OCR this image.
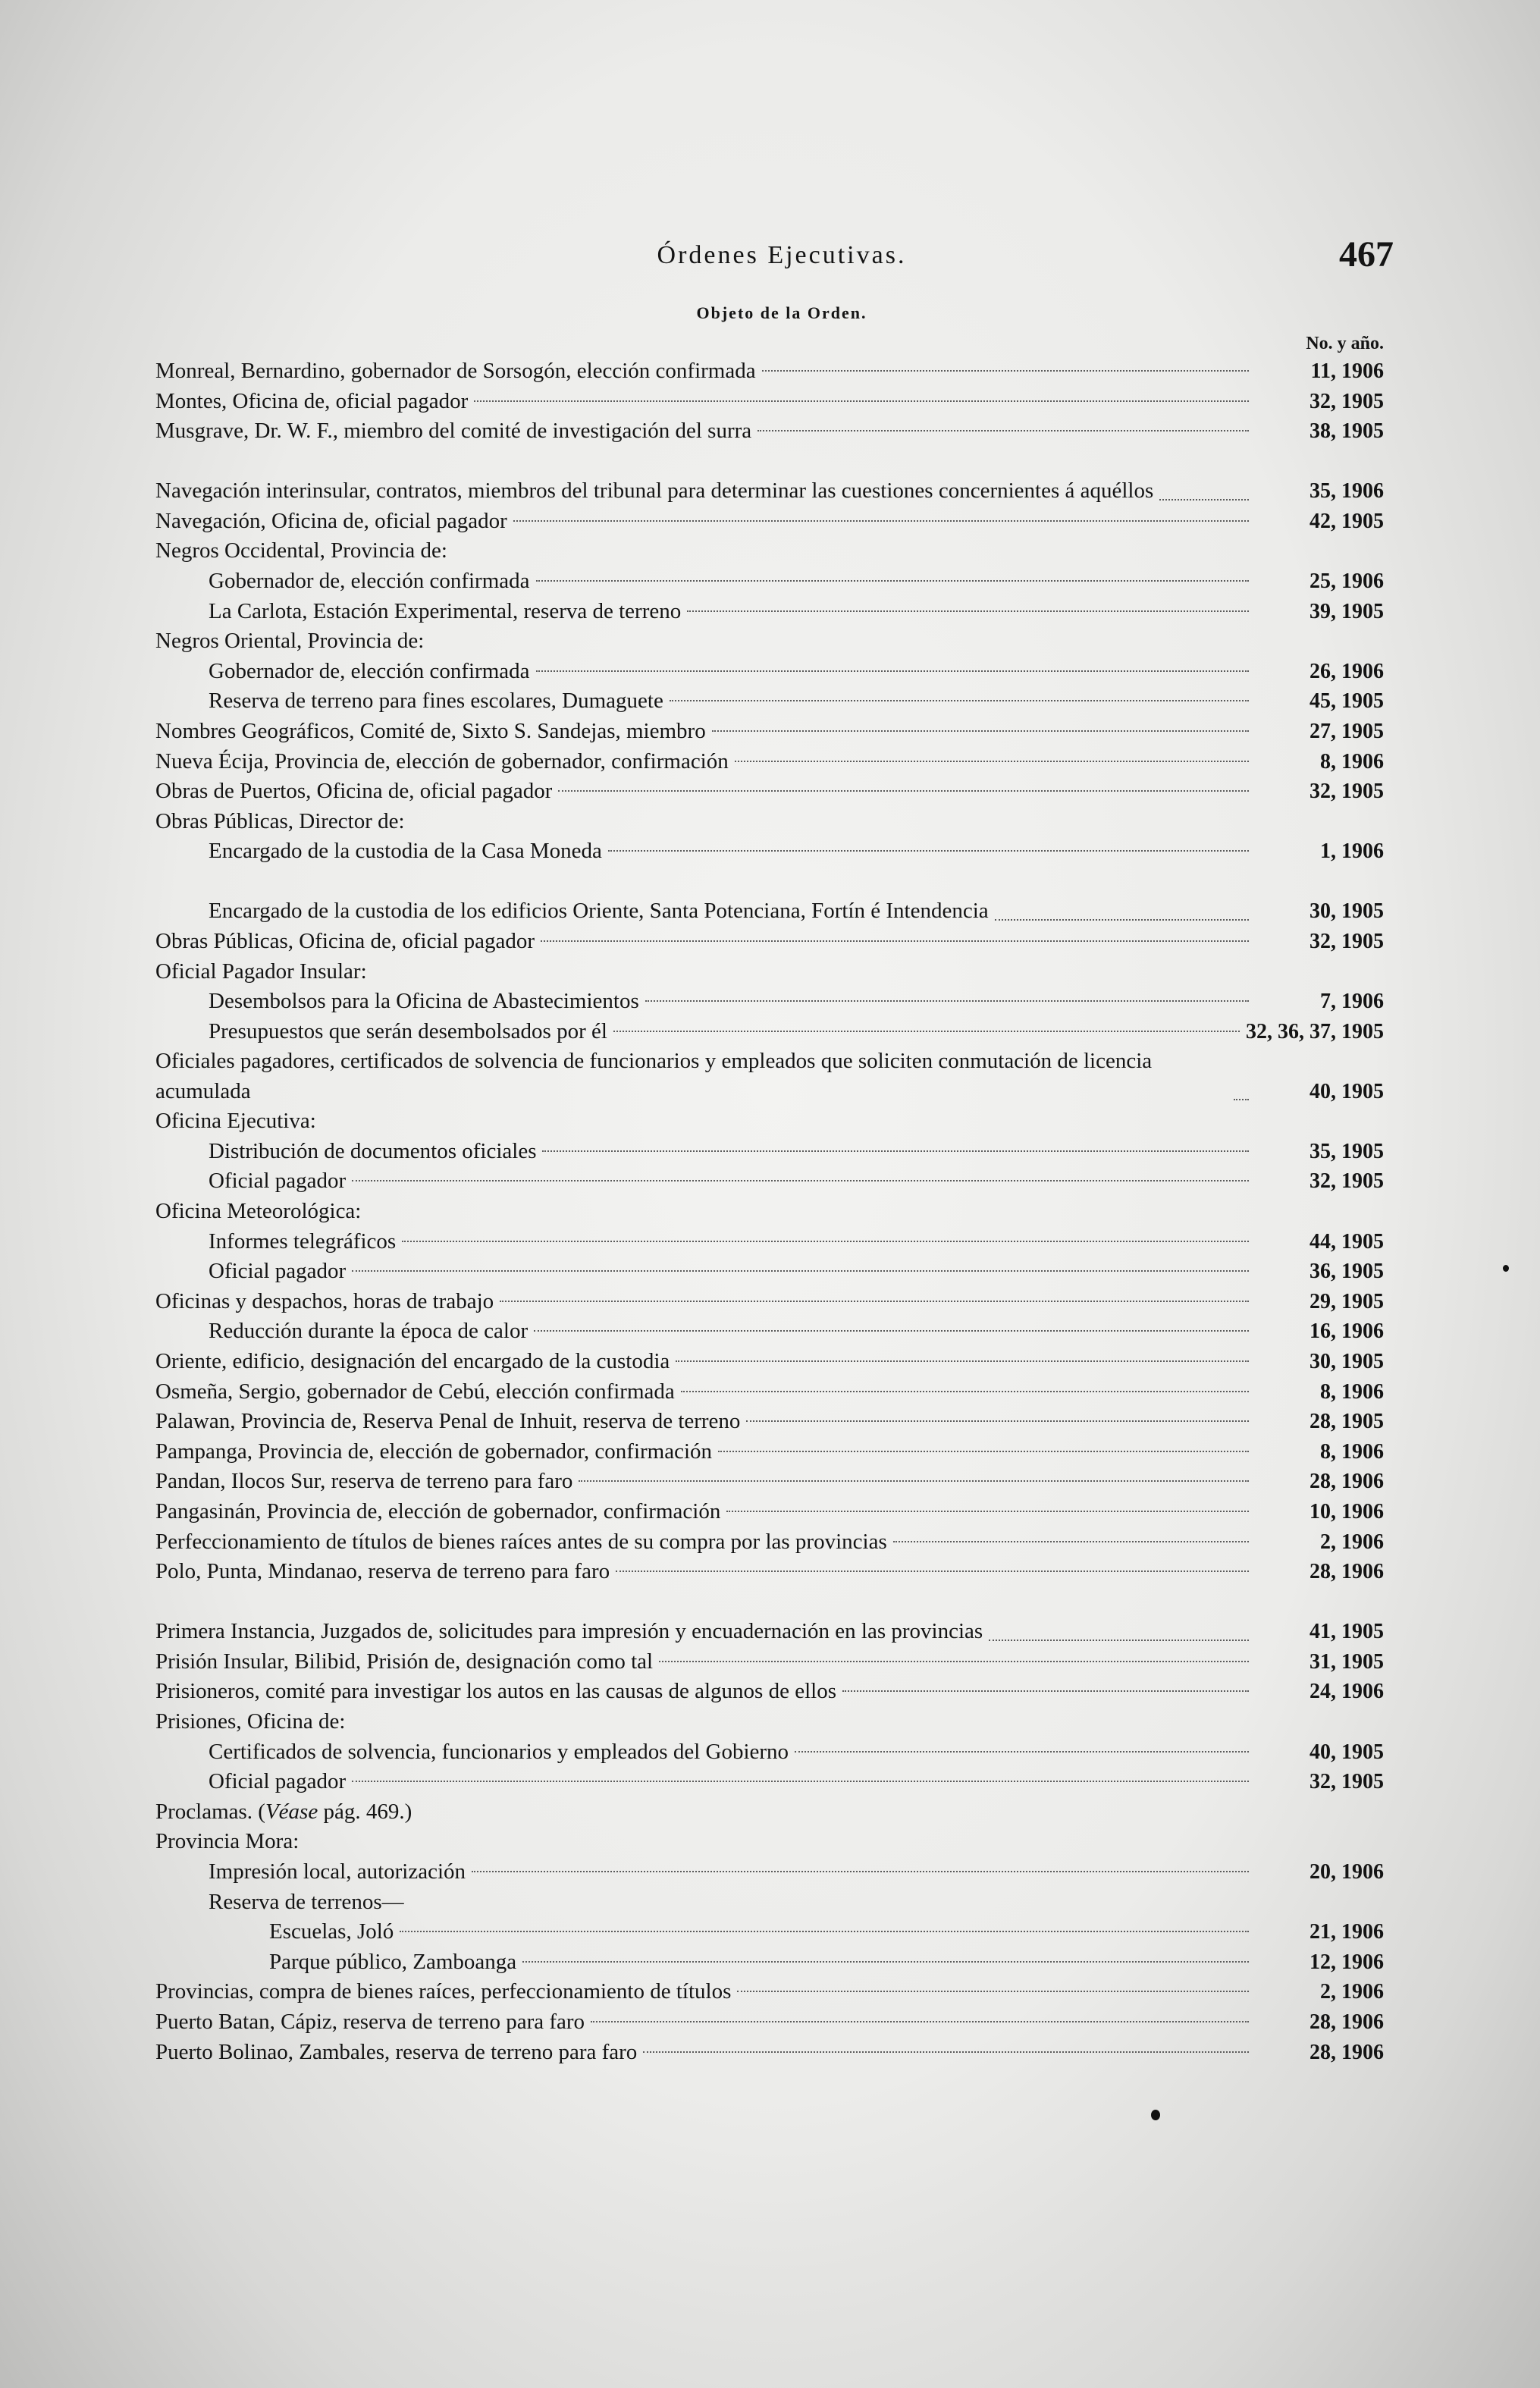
Órdenes Ejecutivas.	467
Objeto de la Orden.
No. y año.
Monreal, Bernardino, gobernador de Sorsogón, elección confirmada	11, 1906
Montes, Oficina de, oficial pagador	32, 1905
Musgrave, Dr. W. F., miembro del comité de investigación del surra	38, 1905
Navegación interinsular, contratos, miembros del tribunal para determinar las cuestiones concernientes á aquéllos	35, 1906
Navegación, Oficina de, oficial pagador	42, 1905
Negros Occidental, Provincia de:
Gobernador de, elección confirmada	25, 1906
La Carlota, Estación Experimental, reserva de terreno	39, 1905
Negros Oriental, Provincia de:
Gobernador de, elección confirmada	26, 1906
Reserva de terreno para fines escolares, Dumaguete	45, 1905
Nombres Geográficos, Comité de, Sixto S. Sandejas, miembro	27, 1905
Nueva Écija, Provincia de, elección de gobernador, confirmación	8, 1906
Obras de Puertos, Oficina de, oficial pagador	32, 1905
Obras Públicas, Director de:
Encargado de la custodia de la Casa Moneda	1, 1906
Encargado de la custodia de los edificios Oriente, Santa Potenciana, Fortín é Intendencia	30, 1905
Obras Públicas, Oficina de, oficial pagador	32, 1905
Oficial Pagador Insular:
Desembolsos para la Oficina de Abastecimientos	7, 1906
Presupuestos que serán desembolsados por él	32, 36, 37, 1905
Oficiales pagadores, certificados de solvencia de funcionarios y empleados que soliciten conmutación de licencia acumulada	40, 1905
Oficina Ejecutiva:
Distribución de documentos oficiales	35, 1905
Oficial pagador	32, 1905
Oficina Meteorológica:
Informes telegráficos	44, 1905
Oficial pagador	36, 1905
Oficinas y despachos, horas de trabajo	29, 1905
Reducción durante la época de calor	16, 1906
Oriente, edificio, designación del encargado de la custodia	30, 1905
Osmeña, Sergio, gobernador de Cebú, elección confirmada	8, 1906
Palawan, Provincia de, Reserva Penal de Inhuit, reserva de terreno	28, 1905
Pampanga, Provincia de, elección de gobernador, confirmación	8, 1906
Pandan, Ilocos Sur, reserva de terreno para faro	28, 1906
Pangasinán, Provincia de, elección de gobernador, confirmación	10, 1906
Perfeccionamiento de títulos de bienes raíces antes de su compra por las provincias	2, 1906
Polo, Punta, Mindanao, reserva de terreno para faro	28, 1906
Primera Instancia, Juzgados de, solicitudes para impresión y encuadernación en las provincias	41, 1905
Prisión Insular, Bilibid, Prisión de, designación como tal	31, 1905
Prisioneros, comité para investigar los autos en las causas de algunos de ellos	24, 1906
Prisiones, Oficina de:
Certificados de solvencia, funcionarios y empleados del Gobierno	40, 1905
Oficial pagador	32, 1905
Proclamas. (Véase pág. 469.)
Provincia Mora:
Impresión local, autorización	20, 1906
Reserva de terrenos—
Escuelas, Joló	21, 1906
Parque público, Zamboanga	12, 1906
Provincias, compra de bienes raíces, perfeccionamiento de títulos	2, 1906
Puerto Batan, Cápiz, reserva de terreno para faro	28, 1906
Puerto Bolinao, Zambales, reserva de terreno para faro	28, 1906
